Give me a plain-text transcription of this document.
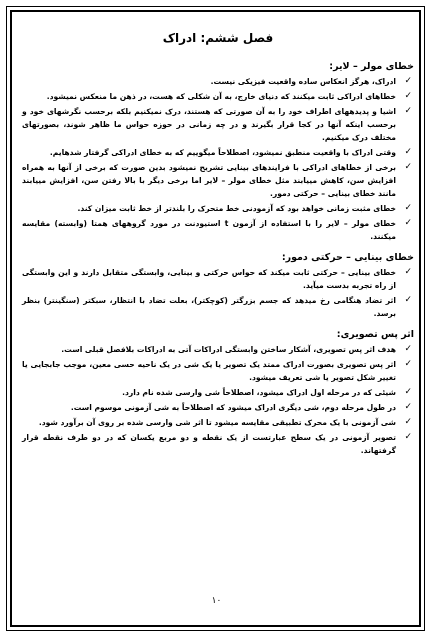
فصل ششم: ادراک
خطای مولر – لایر:
✓
ادراک، هرگز انعکاس ساده واقعیت فیزیکی نیست.
✓
خطاهای ادراکی ثابت میکنند که دنیای خارج، به آن شکلی که هست، در ذهن ما منعکس نمیشود.
✓
اشیا و پدیدههای اطراف خود را به آن صورتی که هستند، درک نمیکنیم بلکه برحسب نگرشهای خود و برحسب اینکه آنها در کجا قرار بگیرند و در چه زمانی در حوزه حواس ما ظاهر شوند، بصورتهای مختلف درک میکنیم.
✓
وقتی ادراک با واقعیت منطبق نمیشود، اصطلاحاً میگوییم که به خطای ادراکی گرفتار شدهایم.
✓
برخی از خطاهای ادراکی با فرایندهای بینایی تشریح نمیشود بدین صورت که برخی از آنها به همراه افزایش سن، کاهش مییابند مثل خطای مولر – لایر اما برخی دیگر با بالا رفتن سن، افزایش مییابند مانند خطای بینایی – حرکتی دمور.
✓
خطای مثبت زمانی خواهد بود که آزمودنی خط متحرک را بلندتر از خط ثابت میزان کند.
✓
خطای مولر – لایر را با استفاده از آزمون t استیودنت در مورد گروههای همتا (وابسته) مقایسه میکنند.
خطای بینایی – حرکتی دمور:
✓
خطای بینایی – حرکتی ثابت میکند که حواس حرکتی و بینایی، وابستگی متقابل دارند و این وابستگی از راه تجربه بدست میآید.
✓
اثر تضاد هنگامی رخ میدهد که جسم بزرگتر (کوچکتر)، بعلت تضاد با انتظار، سبکتر (سنگینتر) بنظر برسد.
اثر پس تصویری:
✓
هدف اثر پس تصویری، آشکار ساختن وابستگی ادراکات آتی به ادراکات بلافصل قبلی است.
✓
اثر پس تصویری بصورت ادراک ممتد یک تصویر یا یک شی در یک ناحیه حسی معین، موجب جابجایی یا تغییر شکل تصویر یا شی تعریف میشود.
✓
شیئی که در مرحله اول ادراک میشود، اصطلاحاً شی وارسی شده نام دارد.
✓
در طول مرحله دوم، شی دیگری ادراک میشود که اصطلاحاً به شی آزمونی موسوم است.
✓
شی آزمونی با یک محرک تطبیقی مقایسه میشود تا اثر شی وارسی شده بر روی آن برآورد شود.
✓
تصویر آزمونی در یک سطح عبارتست از یک نقطه و دو مربع یکسان که در دو طرف نقطه قرار گرفتهاند.
۱۰
